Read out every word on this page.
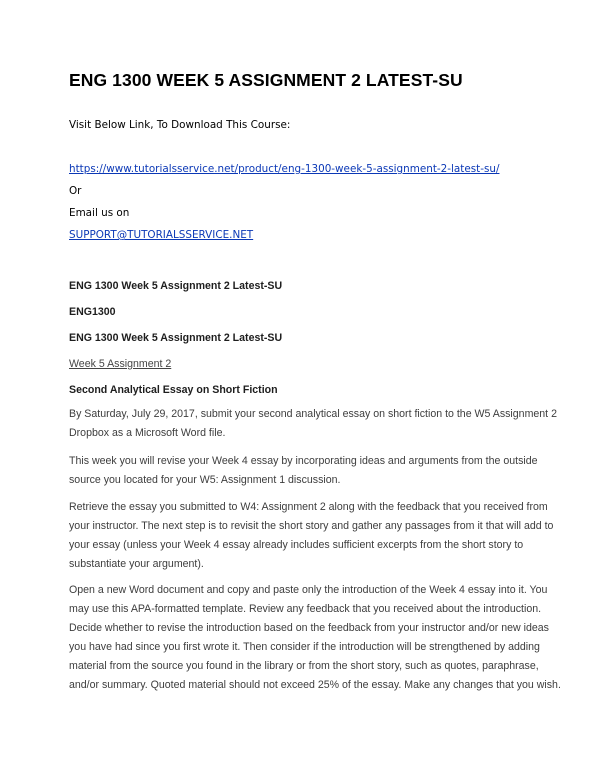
ENG 1300 WEEK 5 ASSIGNMENT 2 LATEST-SU
Visit Below Link, To Download This Course:
https://www.tutorialsservice.net/product/eng-1300-week-5-assignment-2-latest-su/
Or
Email us on
SUPPORT@TUTORIALSSERVICE.NET
ENG 1300 Week 5 Assignment 2 Latest-SU
ENG1300
ENG 1300 Week 5 Assignment 2 Latest-SU
Week 5 Assignment 2
Second Analytical Essay on Short Fiction
By Saturday, July 29, 2017, submit your second analytical essay on short fiction to the W5 Assignment 2
Dropbox as a Microsoft Word file.
This week you will revise your Week 4 essay by incorporating ideas and arguments from the outside
source you located for your W5: Assignment 1 discussion.
Retrieve the essay you submitted to W4: Assignment 2 along with the feedback that you received from
your instructor. The next step is to revisit the short story and gather any passages from it that will add to
your essay (unless your Week 4 essay already includes sufficient excerpts from the short story to
substantiate your argument).
Open a new Word document and copy and paste only the introduction of the Week 4 essay into it. You
may use this APA-formatted template. Review any feedback that you received about the introduction.
Decide whether to revise the introduction based on the feedback from your instructor and/or new ideas
you have had since you first wrote it. Then consider if the introduction will be strengthened by adding
material from the source you found in the library or from the short story, such as quotes, paraphrase,
and/or summary. Quoted material should not exceed 25% of the essay. Make any changes that you wish.
